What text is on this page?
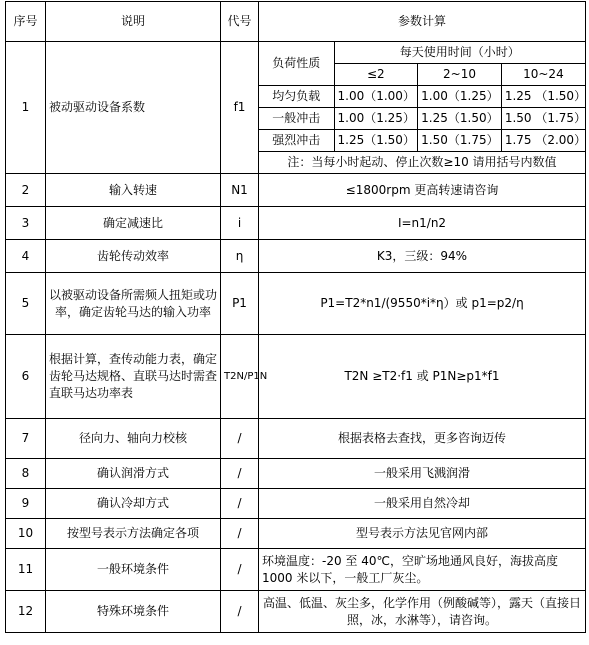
序号	说明	代号	参数计算
1	被动驱动设备系数	f1	
负荷性质	每天使用时间（小时）
≤2	2~10	10~24
均匀负载	1.00（1.00）	1.00（1.25）	1.25 （1.50）
一般冲击	1.00（1.25）	1.25（1.50）	1.50 （1.75）
强烈冲击	1.25（1.50）	1.50（1.75）	1.75 （2.00）
注：当每小时起动、停止次数≥10 请用括号内数值

2	输入转速	N1	≤1800rpm 更高转速请咨询
3	确定减速比	i	I=n1/n2
4	齿轮传动效率	η	K3，三级：94%
5	以被驱动设备所需频人扭矩或功率，确定齿轮马达的输入功率	P1	P1=T2*n1/(9550*i*η）或 p1=p2/η
6	根据计算，查传动能力表，确定齿轮马达规格、直联马达时需查直联马达功率表	T2N/P1N	T2N ≥T2·f1 或 P1N≥p1*f1
7	径向力、轴向力校核	/	根据表格去查找，更多咨询迈传
8	确认润滑方式	/	一般采用飞溅润滑
9	确认冷却方式	/	一般采用自然冷却
10	按型号表示方法确定各项	/	型号表示方法见官网内部
11	一般环境条件	/	环境温度：-20 至 40℃，空旷场地通风良好，海拔高度 1000 米以下，一般工厂灰尘。
12	特殊环境条件	/	高温、低温、灰尘多，化学作用（例酸碱等），露天（直接日照，冰，水淋等），请咨询。
